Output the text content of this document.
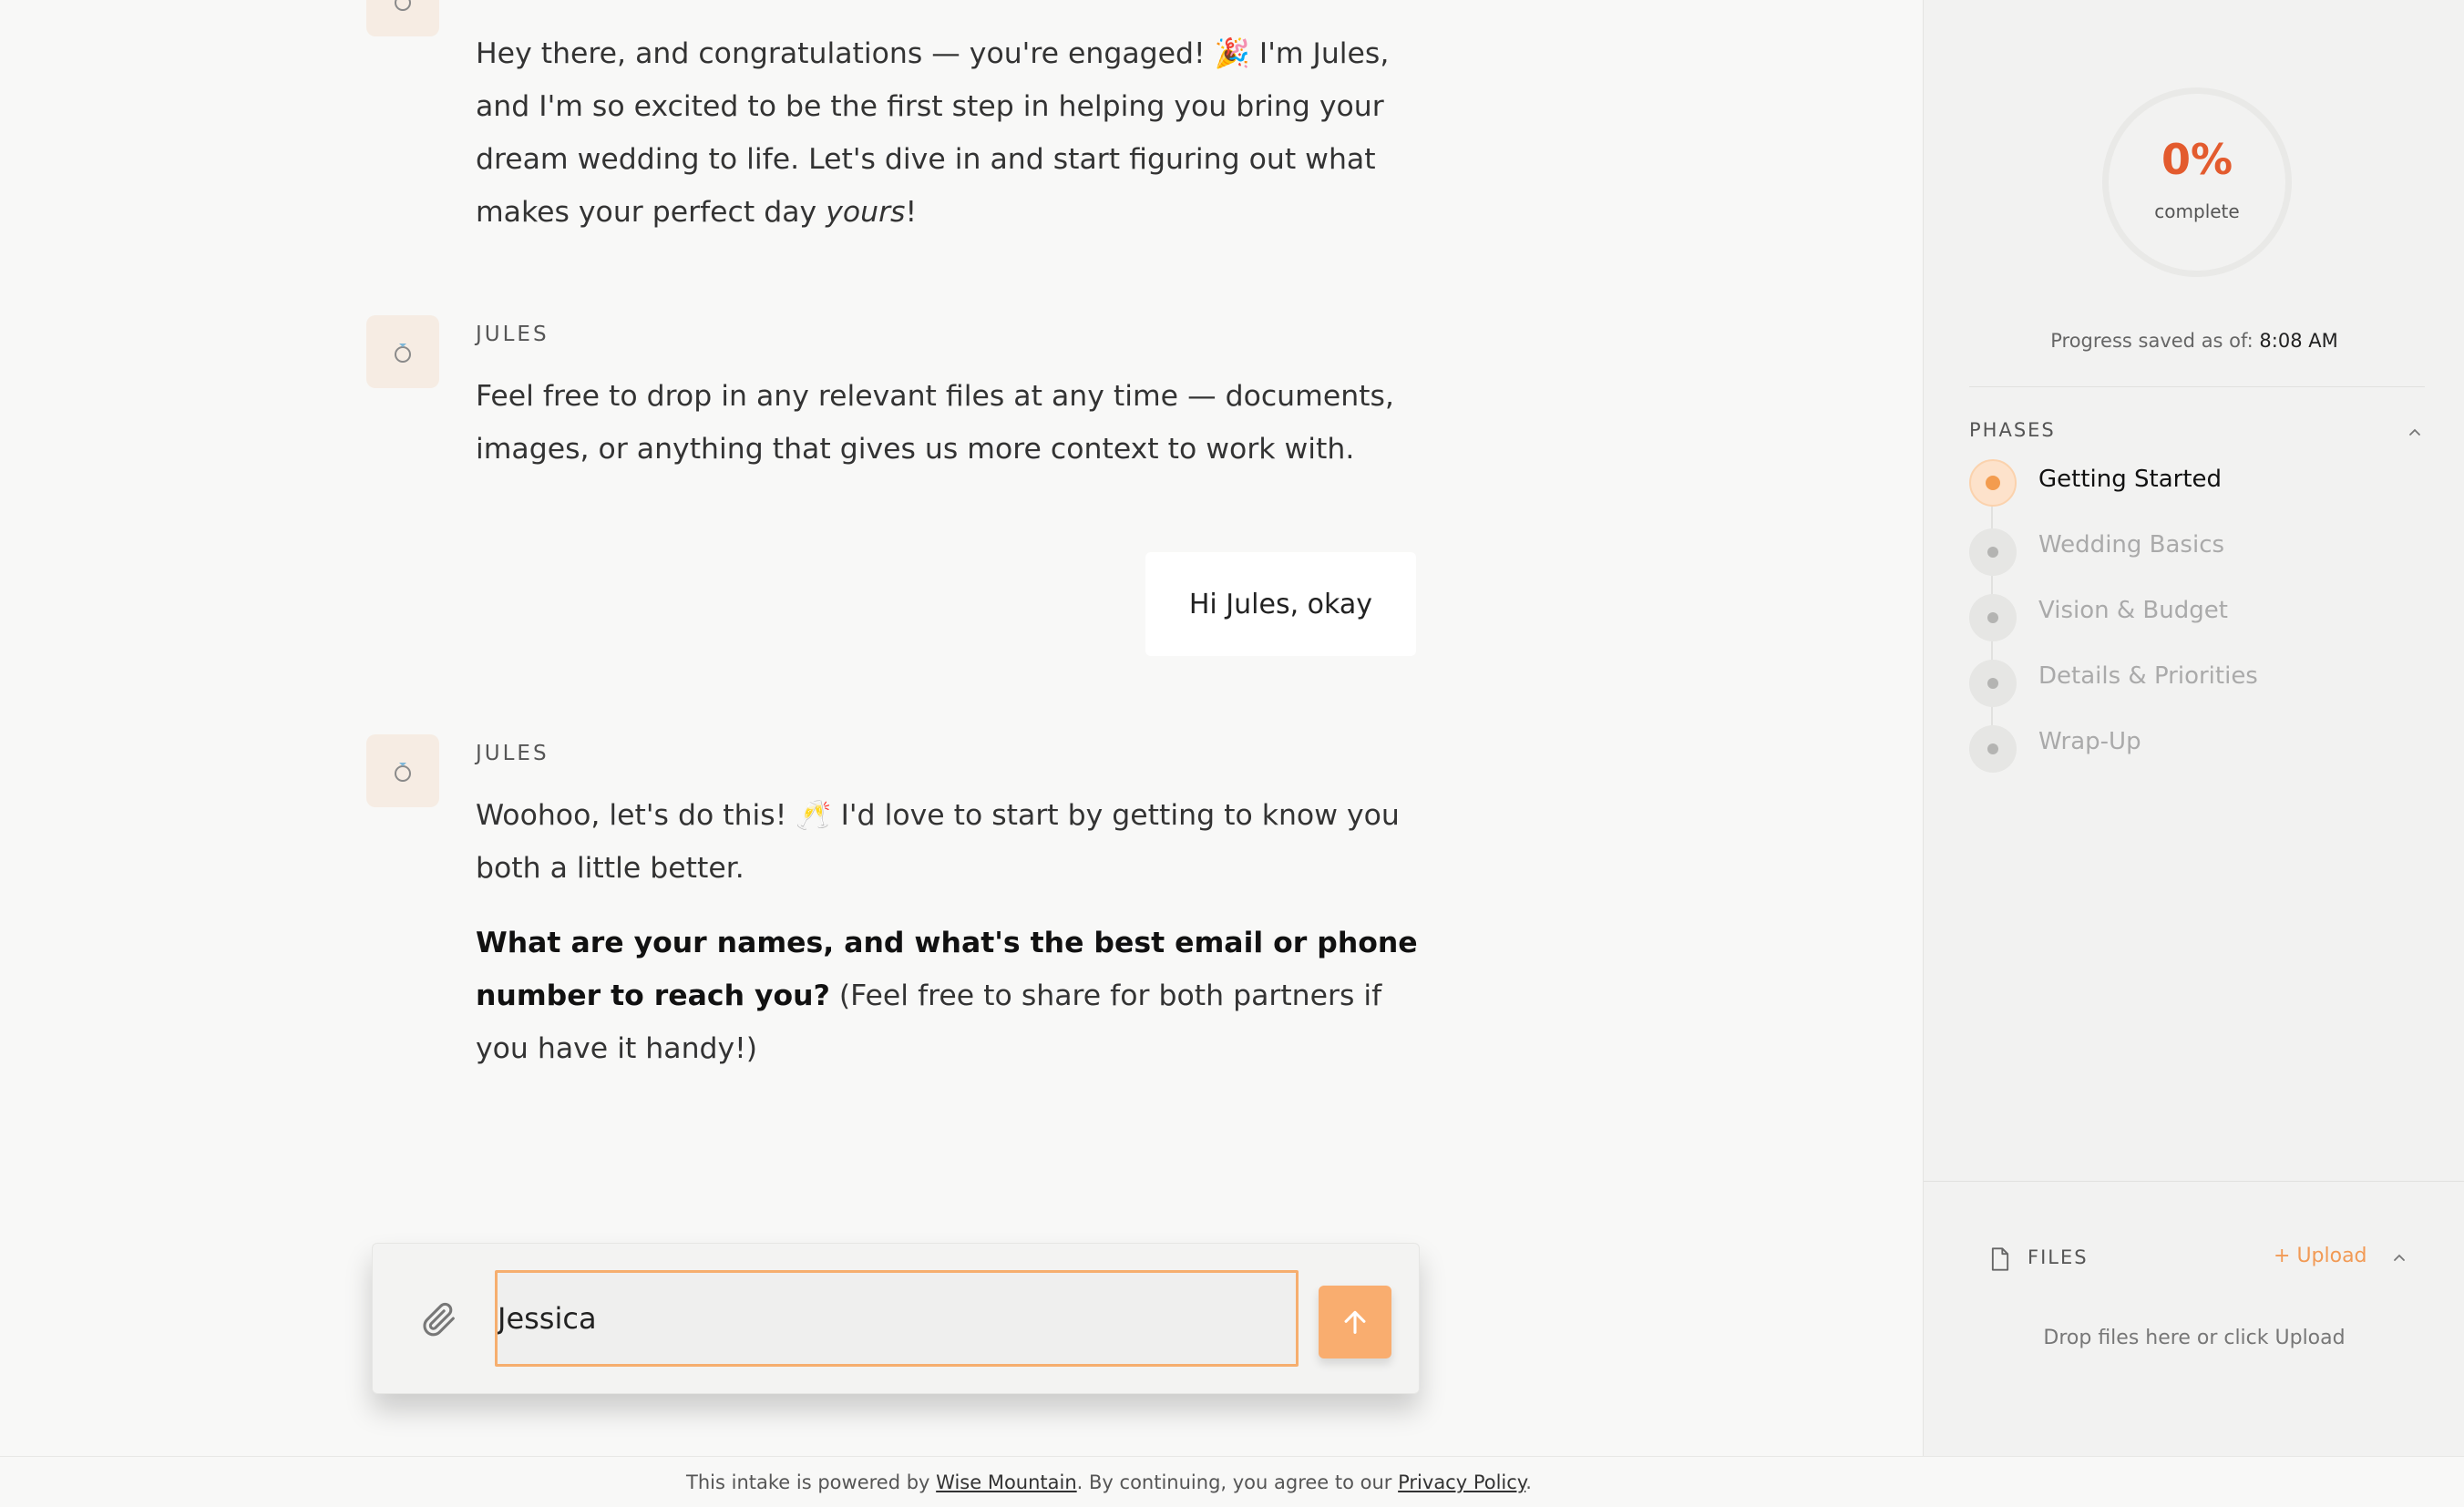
Hey there, and congratulations — you're engaged! 🎉 I'm Jules, and I'm so excited to be the first step in helping you bring your dream wedding to life. Let's dive in and start figuring out what makes your perfect day yours!

JULES

Feel free to drop in any relevant files at any time — documents, images, or anything that gives us more context to work with.

Hi Jules, okay
JULES

Woohoo, let's do this! 🥂 I'd love to start by getting to know you both a little better.

What are your names, and what's the best email or phone number to reach you? (Feel free to share for both partners if you have it handy!)

Jessica
This intake is powered by Wise Mountain. By continuing, you agree to our Privacy Policy.
0%
complete
Progress saved as of: 8:08 AM
PHASES
Getting Started
Wedding Basics
Vision & Budget
Details & Priorities
Wrap-Up
FILES	+ Upload
Drop files here or click Upload
